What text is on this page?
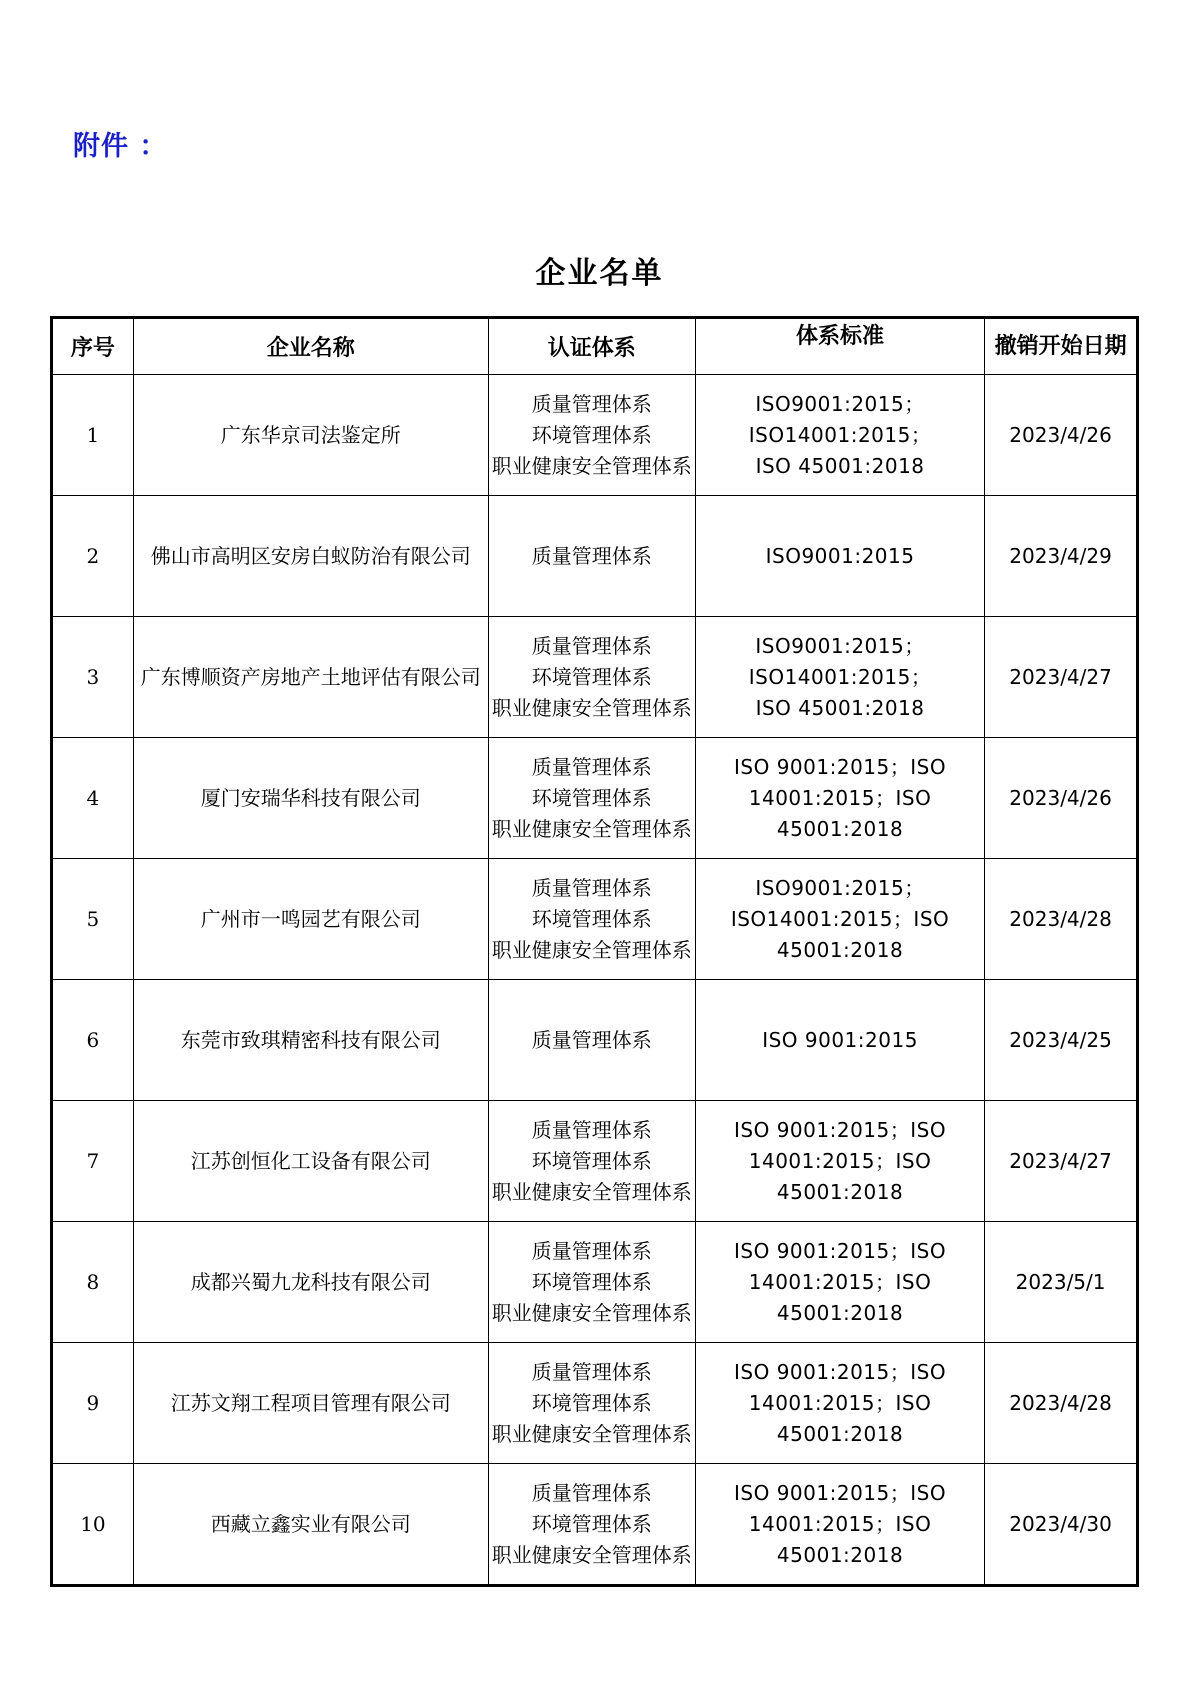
附件 ：
企业名单
序号	企业名称	认证体系	体系标准	撤销开始日期
1	广东华京司法鉴定所	质量管理体系
环境管理体系
职业健康安全管理体系	ISO9001:2015；
ISO14001:2015；
ISO 45001:2018	2023/4/26
2	佛山市高明区安房白蚁防治有限公司	质量管理体系	ISO9001:2015	2023/4/29
3	广东博顺资产房地产土地评估有限公司	质量管理体系
环境管理体系
职业健康安全管理体系	ISO9001:2015；
ISO14001:2015；
ISO 45001:2018	2023/4/27
4	厦门安瑞华科技有限公司	质量管理体系
环境管理体系
职业健康安全管理体系	ISO 9001:2015；ISO
14001:2015；ISO
45001:2018	2023/4/26
5	广州市一鸣园艺有限公司	质量管理体系
环境管理体系
职业健康安全管理体系	ISO9001:2015；
ISO14001:2015；ISO
45001:2018	2023/4/28
6	东莞市致琪精密科技有限公司	质量管理体系	ISO 9001:2015	2023/4/25
7	江苏创恒化工设备有限公司	质量管理体系
环境管理体系
职业健康安全管理体系	ISO 9001:2015；ISO
14001:2015；ISO
45001:2018	2023/4/27
8	成都兴蜀九龙科技有限公司	质量管理体系
环境管理体系
职业健康安全管理体系	ISO 9001:2015；ISO
14001:2015；ISO
45001:2018	2023/5/1
9	江苏文翔工程项目管理有限公司	质量管理体系
环境管理体系
职业健康安全管理体系	ISO 9001:2015；ISO
14001:2015；ISO
45001:2018	2023/4/28
10	西藏立鑫实业有限公司	质量管理体系
环境管理体系
职业健康安全管理体系	ISO 9001:2015；ISO
14001:2015；ISO
45001:2018	2023/4/30
